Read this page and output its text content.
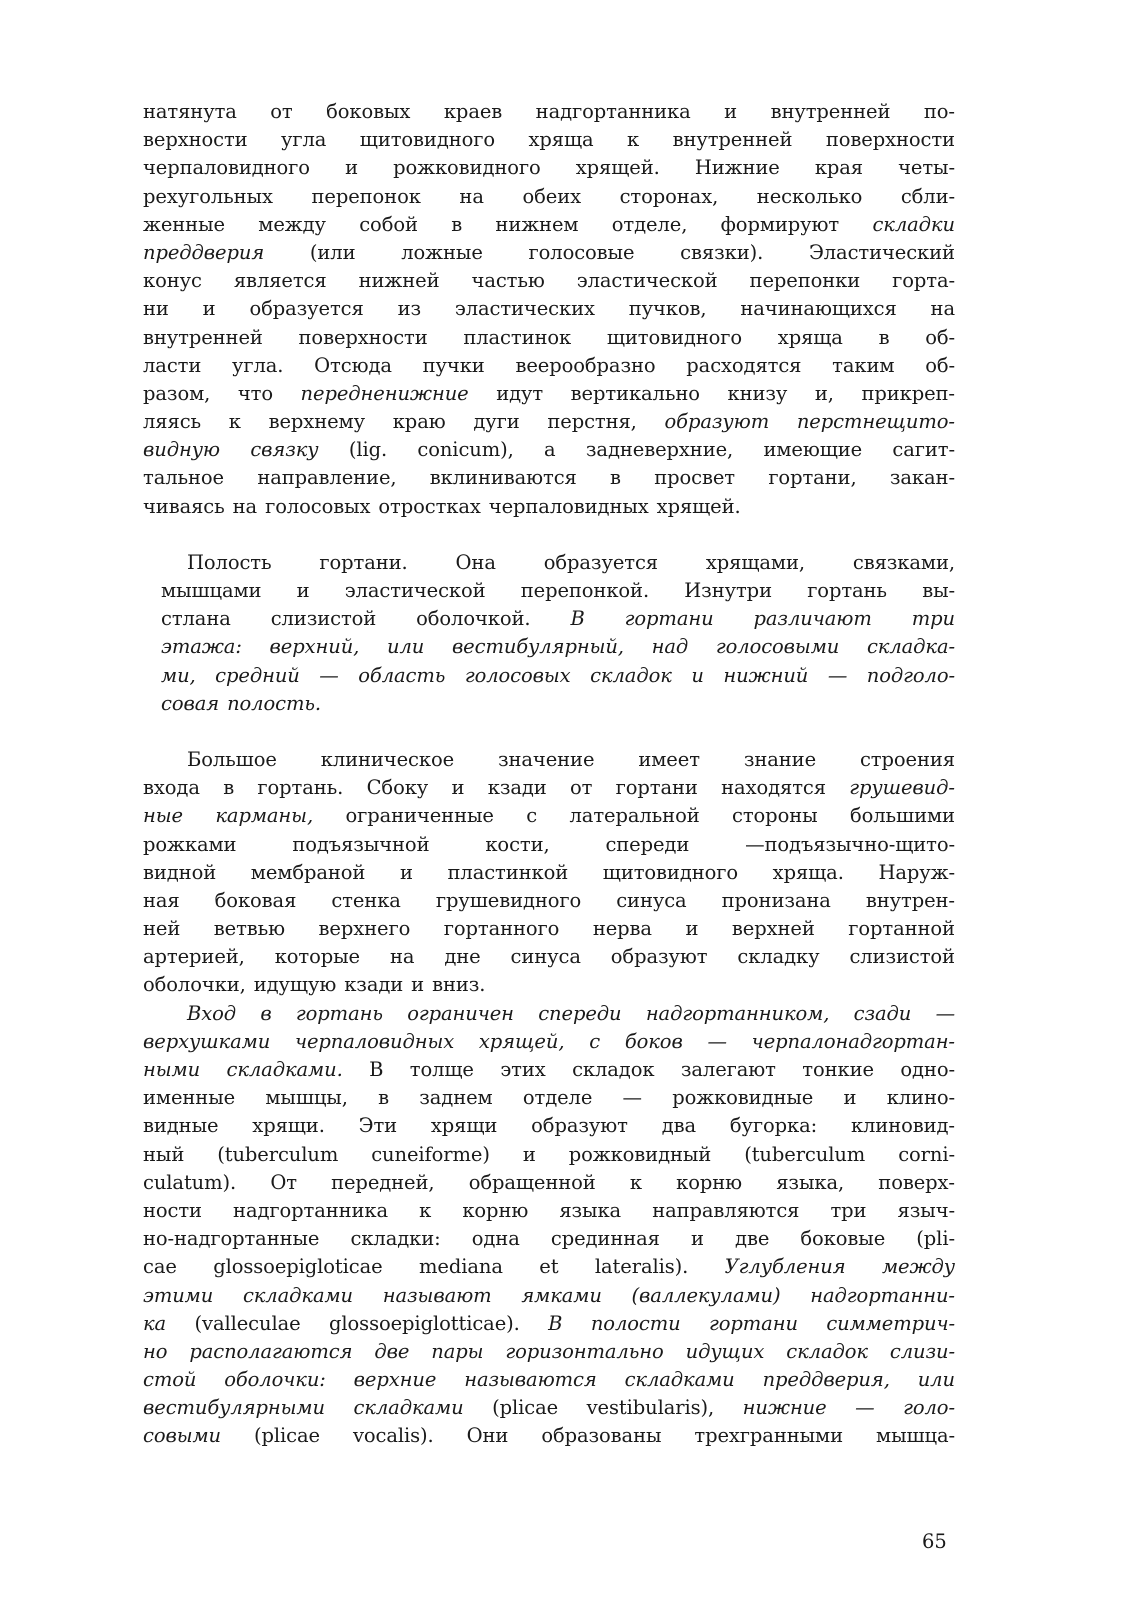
натянута от боковых краев надгортанника и внутренней по-
верхности угла щитовидного хряща к внутренней поверхности
черпаловидного и рожковидного хрящей. Нижние края четы-
рехугольных перепонок на обеих сторонах, несколько сбли-
женные между собой в нижнем отделе, формируют складки
преддверия (или ложные голосовые связки). Эластический
конус является нижней частью эластической перепонки горта-
ни и образуется из эластических пучков, начинающихся на
внутренней поверхности пластинок щитовидного хряща в об-
ласти угла. Отсюда пучки веерообразно расходятся таким об-
разом, что передненижние идут вертикально книзу и, прикреп-
ляясь к верхнему краю дуги перстня, образуют перстнещито-
видную связку (lig. conicum), а задневерхние, имеющие сагит-
тальное направление, вклиниваются в просвет гортани, закан-
чиваясь на голосовых отростках черпаловидных хрящей.
Полость гортани. Она образуется хрящами, связками,
мышцами и эластической перепонкой. Изнутри гортань вы-
стлана слизистой оболочкой. В гортани различают три
этажа: верхний, или вестибулярный, над голосовыми складка-
ми, средний — область голосовых складок и нижний — подголо-
совая полость.
Большое клиническое значение имеет знание строения
входа в гортань. Сбоку и кзади от гортани находятся грушевид-
ные карманы, ограниченные с латеральной стороны большими
рожками	подъязычной	кости,	спереди	—подъязычно-щито-
видной мембраной и пластинкой щитовидного хряща. Наруж-
ная боковая стенка грушевидного синуса пронизана внутрен-
ней ветвью верхнего гортанного нерва и верхней гортанной
артерией, которые на дне синуса образуют складку слизистой
оболочки, идущую кзади и вниз.
Вход в гортань ограничен спереди надгортанником, сзади —
верхушками черпаловидных хрящей, с боков — черпалонадгортан-
ными складками. В толще этих складок залегают тонкие одно-
именные мышцы, в заднем отделе — рожковидные и клино-
видные хрящи. Эти хрящи образуют два бугорка: клиновид-
ный (tuberculum cuneiforme) и рожковидный (tuberculum corni-
culatum). От передней, обращенной к корню языка, поверх-
ности надгортанника к корню языка направляются три языч-
но-надгортанные складки: одна срединная и две боковые (pli-
cae glossoepigloticae mediana et lateralis). Углубления между
этими складками называют ямками (валлекулами) надгортанни-
ка (valleculae glossoepiglotticae). В полости гортани симметрич-
но располагаются две пары горизонтально идущих складок слизи-
стой оболочки: верхние называются складками преддверия, или
вестибулярными складками (plicae vestibularis), нижние — голо-
совыми (plicae vocalis). Они образованы трехгранными мышца-
65
